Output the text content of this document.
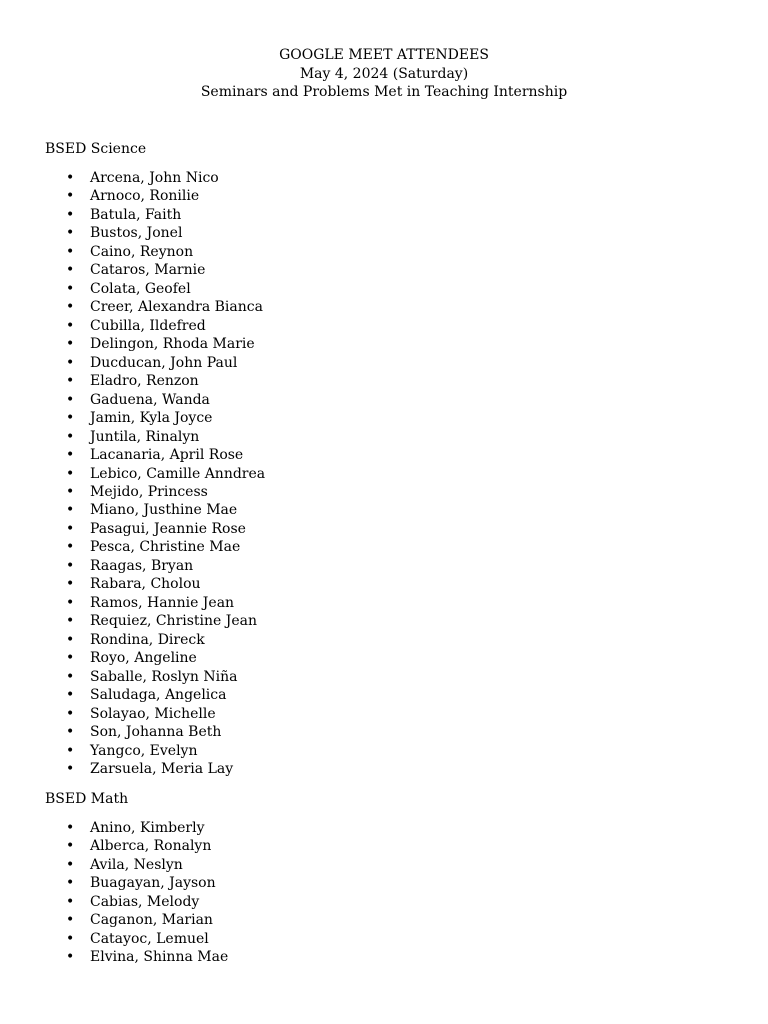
GOOGLE MEET ATTENDEES
May 4, 2024 (Saturday)
Seminars and Problems Met in Teaching Internship
BSED Science
• Arcena, John Nico
• Arnoco, Ronilie
• Batula, Faith
• Bustos, Jonel
• Caino, Reynon
• Cataros, Marnie
• Colata, Geofel
• Creer, Alexandra Bianca
• Cubilla, Ildefred
• Delingon, Rhoda Marie
• Ducducan, John Paul
• Eladro, Renzon
• Gaduena, Wanda
• Jamin, Kyla Joyce
• Juntila, Rinalyn
• Lacanaria, April Rose
• Lebico, Camille Anndrea
• Mejido, Princess
• Miano, Justhine Mae
• Pasagui, Jeannie Rose
• Pesca, Christine Mae
• Raagas, Bryan
• Rabara, Cholou
• Ramos, Hannie Jean
• Requiez, Christine Jean
• Rondina, Direck
• Royo, Angeline
• Saballe, Roslyn Niña
• Saludaga, Angelica
• Solayao, Michelle
• Son, Johanna Beth
• Yangco, Evelyn
• Zarsuela, Meria Lay
BSED Math
• Anino, Kimberly
• Alberca, Ronalyn
• Avila, Neslyn
• Buagayan, Jayson
• Cabias, Melody
• Caganon, Marian
• Catayoc, Lemuel
• Elvina, Shinna Mae
